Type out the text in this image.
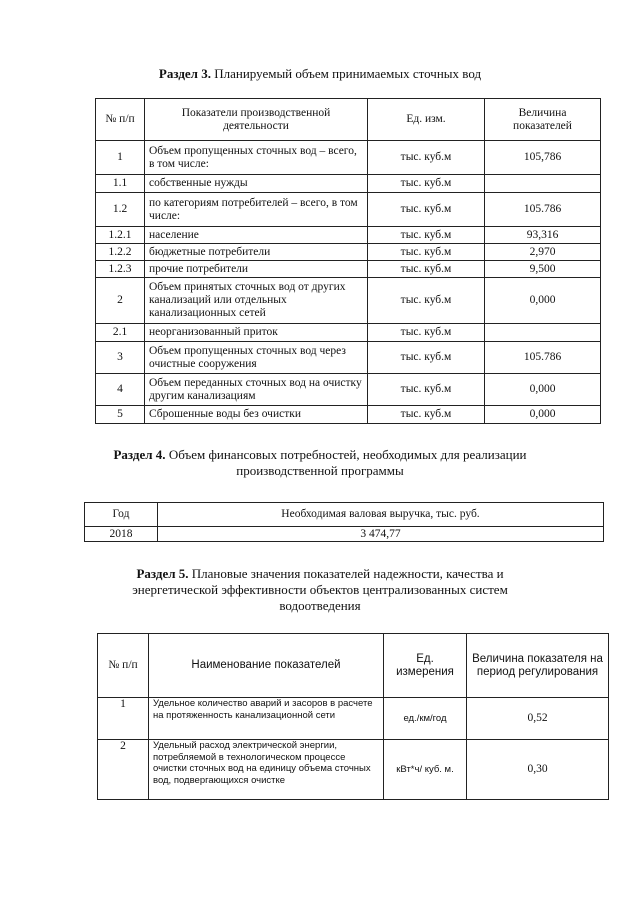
Раздел 3. Планируемый объем принимаемых сточных вод
№ п/п	Показатели производственной деятельности	Ед. изм.	Величина показателей
1	Объем пропущенных сточных вод – всего, в том числе:	тыс. куб.м	105,786
1.1	собственные нужды	тыс. куб.м	
1.2	по категориям потребителей – всего, в том числе:	тыс. куб.м	105.786
1.2.1	население	тыс. куб.м	93,316
1.2.2	бюджетные потребители	тыс. куб.м	2,970
1.2.3	прочие потребители	тыс. куб.м	9,500
2	Объем принятых сточных вод от других канализаций или отдельных канализационных сетей	тыс. куб.м	0,000
2.1	неорганизованный приток	тыс. куб.м	
3	Объем пропущенных сточных вод через очистные сооружения	тыс. куб.м	105.786
4	Объем переданных сточных вод на очистку другим канализациям	тыс. куб.м	0,000
5	Сброшенные воды без очистки	тыс. куб.м	0,000
Раздел 4. Объем финансовых потребностей, необходимых для реализации
производственной программы
Год	Необходимая валовая выручка, тыс. руб.
2018	3 474,77
Раздел 5. Плановые значения показателей надежности, качества и
энергетической эффективности объектов централизованных систем
водоотведения
№ п/п	Наименование показателей	Ед. измерения	Величина показателя на период регулирования
1	Удельное количество аварий и засоров в расчете на протяженность канализационной сети	ед./км/год	0,52
2	Удельный расход электрической энергии, потребляемой в технологическом процессе очистки сточных вод на единицу объема сточных вод, подвергающихся очистке	кВт*ч/ куб. м.	0,30
